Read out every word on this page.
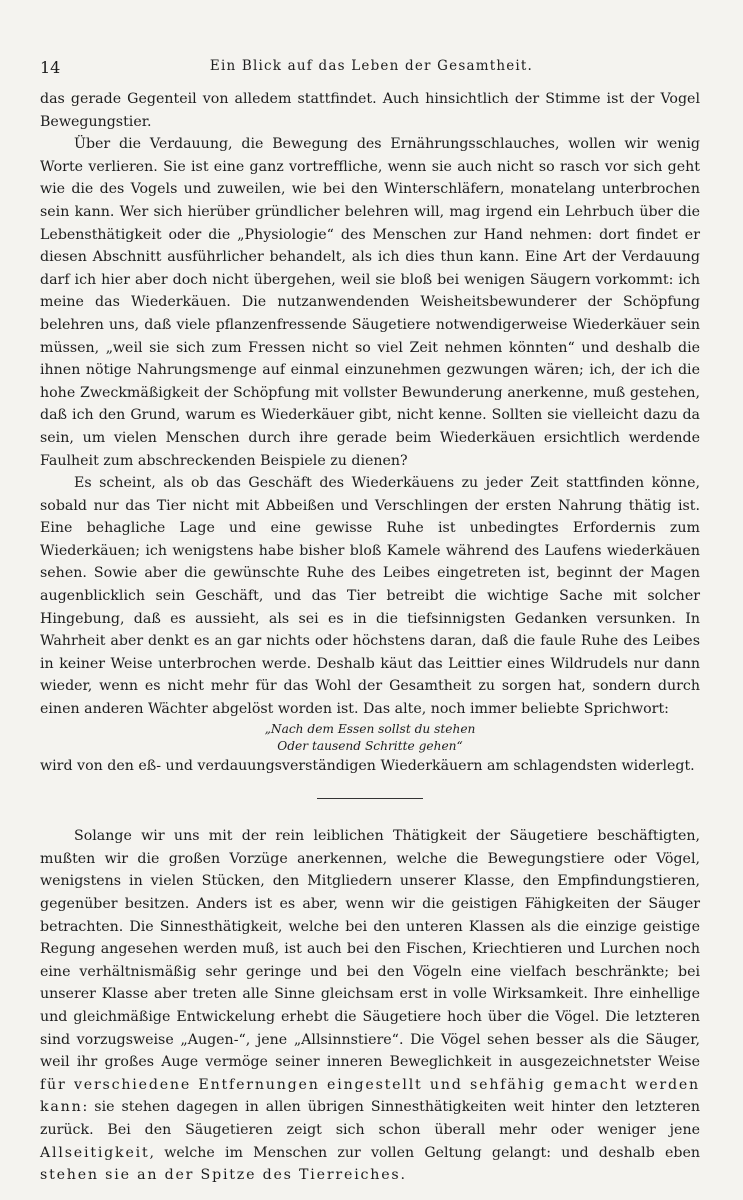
14	Ein Blick auf das Leben der Gesamtheit.

das gerade Gegenteil von alledem stattfindet. Auch hinsichtlich der Stimme ist der Vogel Bewegungstier.

Über die Verdauung, die Bewegung des Ernährungsschlauches, wollen wir wenig Worte verlieren. Sie ist eine ganz vortreffliche, wenn sie auch nicht so rasch vor sich geht wie die des Vogels und zuweilen, wie bei den Winterschläfern, monatelang unterbrochen sein kann. Wer sich hierüber gründlicher belehren will, mag irgend ein Lehrbuch über die Lebensthätigkeit oder die „Physiologie“ des Menschen zur Hand nehmen: dort findet er diesen Abschnitt ausführlicher behandelt, als ich dies thun kann. Eine Art der Verdauung darf ich hier aber doch nicht übergehen, weil sie bloß bei wenigen Säugern vorkommt: ich meine das Wiederkäuen. Die nutzanwendenden Weisheitsbewunderer der Schöpfung belehren uns, daß viele pflanzenfressende Säugetiere notwendigerweise Wiederkäuer sein müssen, „weil sie sich zum Fressen nicht so viel Zeit nehmen könnten“ und deshalb die ihnen nötige Nahrungsmenge auf einmal einzunehmen gezwungen wären; ich, der ich die hohe Zweckmäßigkeit der Schöpfung mit vollster Bewunderung anerkenne, muß gestehen, daß ich den Grund, warum es Wiederkäuer gibt, nicht kenne. Sollten sie vielleicht dazu da sein, um vielen Menschen durch ihre gerade beim Wiederkäuen ersichtlich werdende Faulheit zum abschreckenden Beispiele zu dienen?

Es scheint, als ob das Geschäft des Wiederkäuens zu jeder Zeit stattfinden könne, sobald nur das Tier nicht mit Abbeißen und Verschlingen der ersten Nahrung thätig ist. Eine behagliche Lage und eine gewisse Ruhe ist unbedingtes Erfordernis zum Wiederkäuen; ich wenigstens habe bisher bloß Kamele während des Laufens wiederkäuen sehen. Sowie aber die gewünschte Ruhe des Leibes eingetreten ist, beginnt der Magen augenblicklich sein Geschäft, und das Tier betreibt die wichtige Sache mit solcher Hingebung, daß es aussieht, als sei es in die tiefsinnigsten Gedanken versunken. In Wahrheit aber denkt es an gar nichts oder höchstens daran, daß die faule Ruhe des Leibes in keiner Weise unterbrochen werde. Deshalb käut das Leittier eines Wildrudels nur dann wieder, wenn es nicht mehr für das Wohl der Gesamtheit zu sorgen hat, sondern durch einen anderen Wächter abgelöst worden ist. Das alte, noch immer beliebte Sprichwort:

„Nach dem Essen sollst du stehen
Oder tausend Schritte gehen“

wird von den eß- und verdauungsverständigen Wiederkäuern am schlagendsten widerlegt.

Solange wir uns mit der rein leiblichen Thätigkeit der Säugetiere beschäftigten, mußten wir die großen Vorzüge anerkennen, welche die Bewegungstiere oder Vögel, wenigstens in vielen Stücken, den Mitgliedern unserer Klasse, den Empfindungstieren, gegenüber besitzen. Anders ist es aber, wenn wir die geistigen Fähigkeiten der Säuger betrachten. Die Sinnesthätigkeit, welche bei den unteren Klassen als die einzige geistige Regung angesehen werden muß, ist auch bei den Fischen, Kriechtieren und Lurchen noch eine verhältnismäßig sehr geringe und bei den Vögeln eine vielfach beschränkte; bei unserer Klasse aber treten alle Sinne gleichsam erst in volle Wirksamkeit. Ihre einhellige und gleichmäßige Entwickelung erhebt die Säugetiere hoch über die Vögel. Die letzteren sind vorzugsweise „Augen-“, jene „Allsinnstiere“. Die Vögel sehen besser als die Säuger, weil ihr großes Auge vermöge seiner inneren Beweglichkeit in ausgezeichnetster Weise für verschiedene Entfernungen eingestellt und sehfähig gemacht werden kann: sie stehen dagegen in allen übrigen Sinnesthätigkeiten weit hinter den letzteren zurück. Bei den Säugetieren zeigt sich schon überall mehr oder weniger jene Allseitigkeit, welche im Menschen zur vollen Geltung gelangt: und deshalb eben stehen sie an der Spitze des Tierreiches.
